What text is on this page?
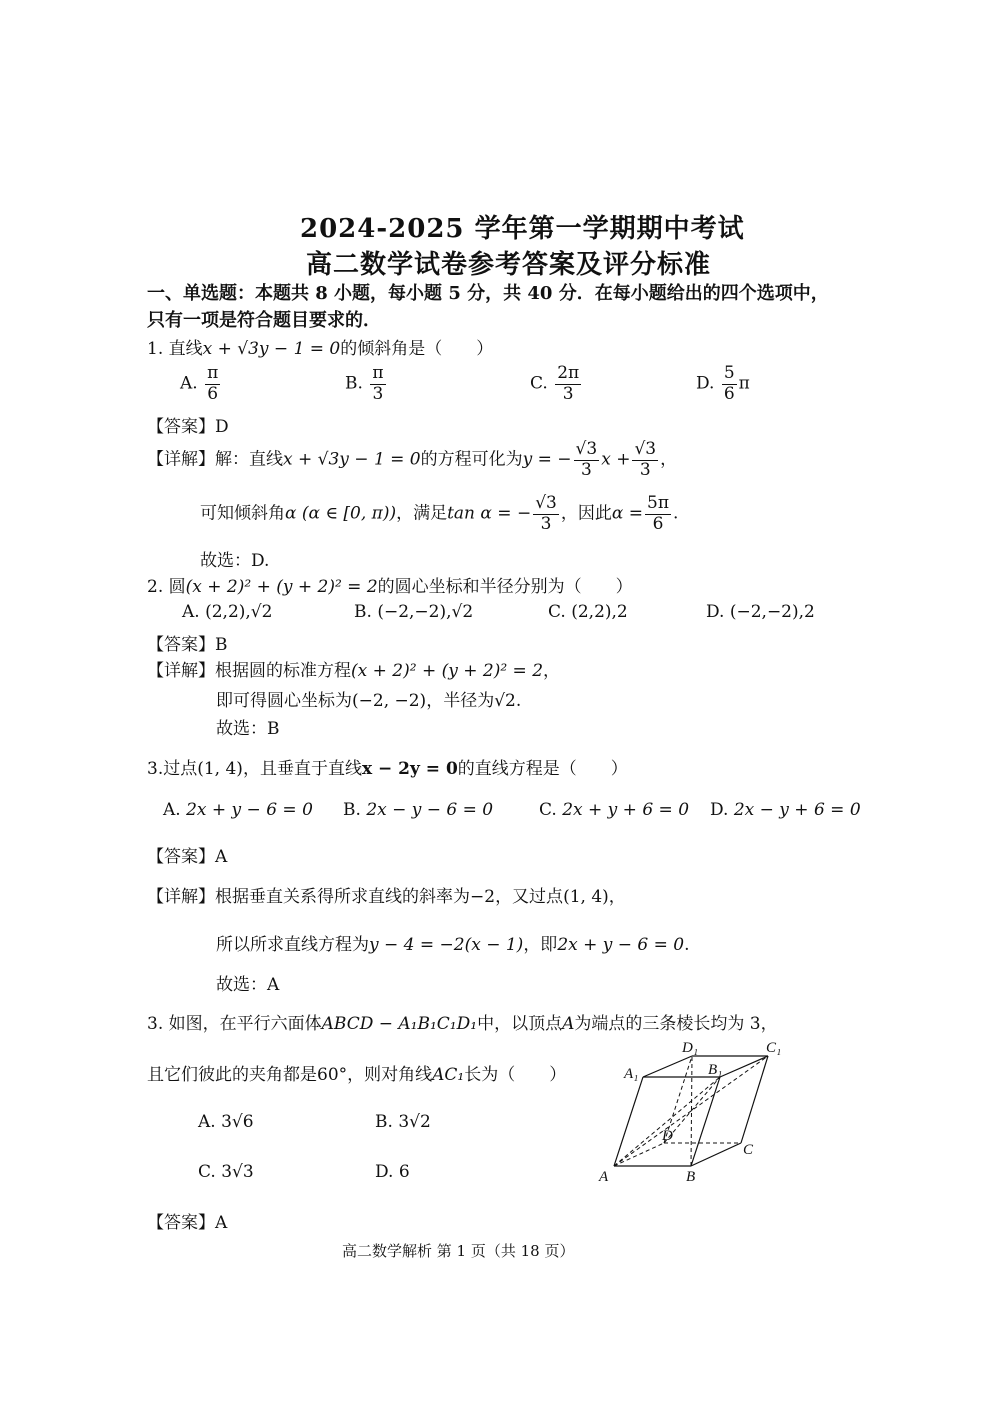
2024-2025 学年第一学期期中考试
高二数学试卷参考答案及评分标准
一、单选题：本题共 8 小题，每小题 5 分，共 40 分．在每小题给出的四个选项中，
只有一项是符合题目要求的．
1. 直线x + √3y − 1 = 0的倾斜角是（　　）
A. $\frac{\pi}{6}$	B. $\frac{\pi}{3}$	C. $\frac{2\pi}{3}$	D. $\frac{5}{6}$ π
【答案】D
【详解】解：直线x + √3y − 1 = 0的方程可化为y = − $\frac{√3}{3}$ $x + \frac{√3}{3}$ ，
可知倾斜角α (α ∈ [0, π))，满足tan α = − $\frac{√3}{3}$ ，因此$\alpha = \frac{5\pi}{6}$ .
故选：D.
2. 圆(x + 2)² + (y + 2)² = 2的圆心坐标和半径分别为（　　）
A. (2,2),√2	B. (−2,−2),√2	C. (2,2),2	D. (−2,−2),2
【答案】B
【详解】根据圆的标准方程(x + 2)² + (y + 2)² = 2，
即可得圆心坐标为(−2, −2)，半径为√2.
故选：B
3.过点(1, 4)，且垂直于直线x − 2y = 0的直线方程是（　　）
A. 2x + y − 6 = 0 B. 2x − y − 6 = 0	C. 2x + y + 6 = 0 D. 2x − y + 6 = 0
【答案】A
【详解】根据垂直关系得所求直线的斜率为−2，又过点(1, 4)，
所以所求直线方程为y − 4 = −2(x − 1)，即2x + y − 6 = 0.
故选：A
3. 如图，在平行六面体ABCD − A₁B₁C₁D₁中，以顶点A为端点的三条棱长均为 3，
且它们彼此的夹角都是60°，则对角线AC₁长为（　　）
A. 3√6	B. 3√2
C. 3√3	D. 6
【答案】A
A	B
C
D
A₁	B₁
C₁
D₁
高二数学解析 第 1 页（共 18 页）
